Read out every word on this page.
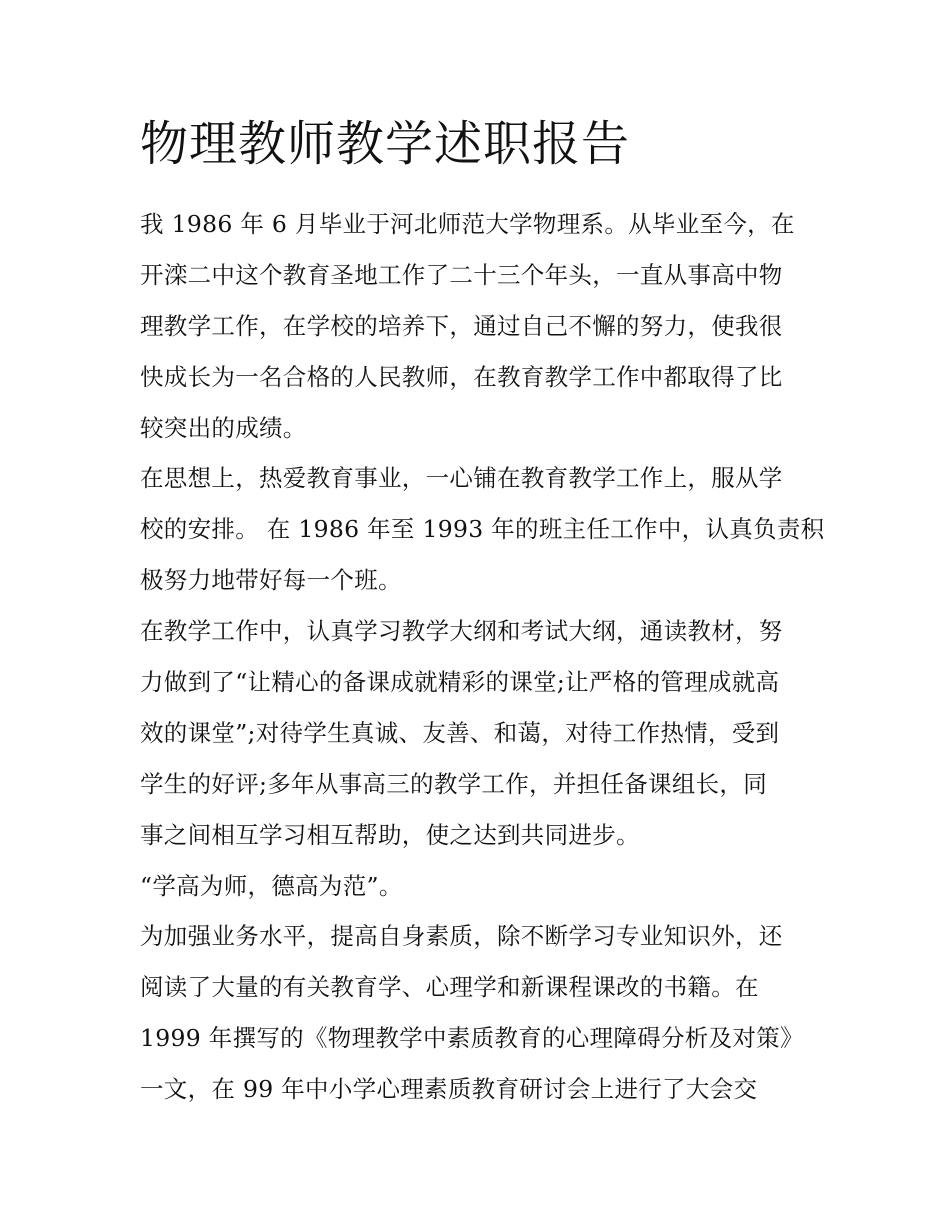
物理教师教学述职报告
我 1986 年 6 月毕业于河北师范大学物理系。从毕业至今，在
开滦二中这个教育圣地工作了二十三个年头，一直从事高中物
理教学工作，在学校的培养下，通过自己不懈的努力，使我很
快成长为一名合格的人民教师，在教育教学工作中都取得了比
较突出的成绩。
在思想上，热爱教育事业，一心铺在教育教学工作上，服从学
校的安排。 在 1986 年至 1993 年的班主任工作中，认真负责积
极努力地带好每一个班。
在教学工作中，认真学习教学大纲和考试大纲，通读教材，努
力做到了“让精心的备课成就精彩的课堂;让严格的管理成就高
效的课堂”;对待学生真诚、友善、和蔼，对待工作热情，受到
学生的好评;多年从事高三的教学工作，并担任备课组长，同
事之间相互学习相互帮助，使之达到共同进步。
“学高为师，德高为范”。
为加强业务水平，提高自身素质，除不断学习专业知识外，还
阅读了大量的有关教育学、心理学和新课程课改的书籍。在
1999 年撰写的《物理教学中素质教育的心理障碍分析及对策》
一文，在 99 年中小学心理素质教育研讨会上进行了大会交
